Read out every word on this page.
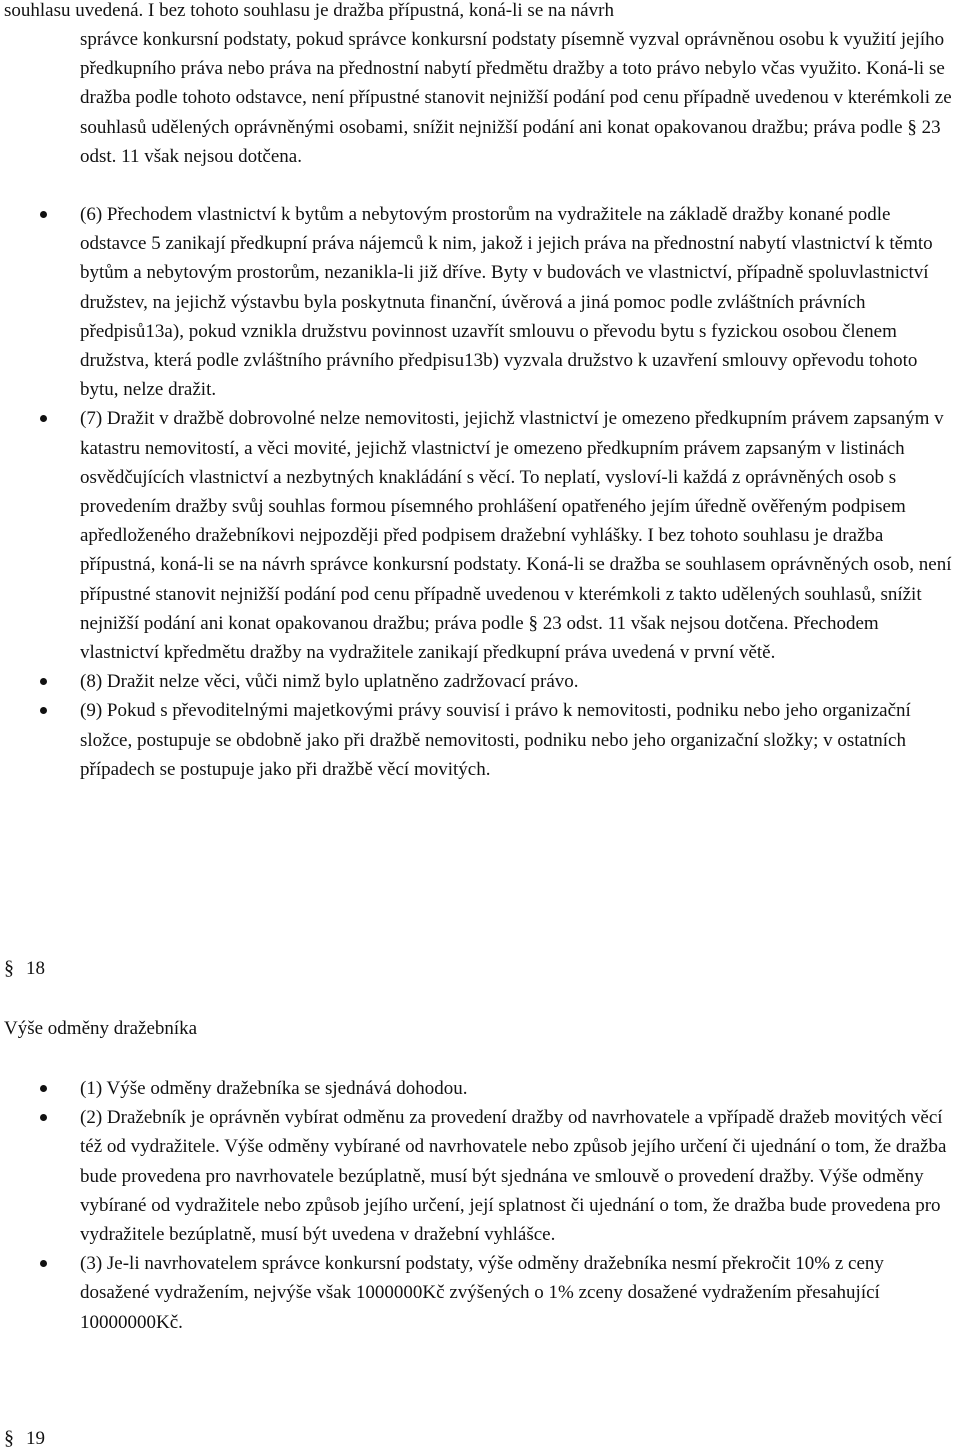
souhlasu uvedená. I bez tohoto souhlasu je dražba přípustná, koná-li se na návrh
správce konkursní podstaty, pokud správce konkursní podstaty písemně vyzval oprávněnou osobu k využití jejího předkupního práva nebo práva na přednostní nabytí předmětu dražby a toto právo nebylo včas využito. Koná-li se dražba podle tohoto odstavce, není přípustné stanovit nejnižší podání pod cenu případně uvedenou v kterémkoli ze souhlasů udělených oprávněnými osobami, snížit nejnižší podání ani konat opakovanou dražbu; práva podle § 23 odst. 11 však nejsou dotčena.
(6) Přechodem vlastnictví k bytům a nebytovým prostorům na vydražitele na základě dražby konané podle odstavce 5 zanikají předkupní práva nájemců k nim, jakož i jejich práva na přednostní nabytí vlastnictví k těmto bytům a nebytovým prostorům, nezanikla-li již dříve. Byty v budovách ve vlastnictví, případně spoluvlastnictví družstev, na jejichž výstavbu byla poskytnuta finanční, úvěrová a jiná pomoc podle zvláštních právních předpisů13a), pokud vznikla družstvu povinnost uzavřít smlouvu o převodu bytu s fyzickou osobou členem družstva, která podle zvláštního právního předpisu13b) vyzvala družstvo k uzavření smlouvy opřevodu tohoto bytu, nelze dražit.
(7) Dražit v dražbě dobrovolné nelze nemovitosti, jejichž vlastnictví je omezeno předkupním právem zapsaným v katastru nemovitostí, a věci movité, jejichž vlastnictví je omezeno předkupním právem zapsaným v listinách osvědčujících vlastnictví a nezbytných knakládání s věcí. To neplatí, vysloví-li každá z oprávněných osob s provedením dražby svůj souhlas formou písemného prohlášení opatřeného jejím úředně ověřeným podpisem apředloženého dražebníkovi nejpozději před podpisem dražební vyhlášky. I bez tohoto souhlasu je dražba přípustná, koná-li se na návrh správce konkursní podstaty. Koná-li se dražba se souhlasem oprávněných osob, není přípustné stanovit nejnižší podání pod cenu případně uvedenou v kterémkoli z takto udělených souhlasů, snížit nejnižší podání ani konat opakovanou dražbu; práva podle § 23 odst. 11 však nejsou dotčena. Přechodem vlastnictví kpředmětu dražby na vydražitele zanikají předkupní práva uvedená v první větě.
(8) Dražit nelze věci, vůči nimž bylo uplatněno zadržovací právo.
(9) Pokud s převoditelnými majetkovými právy souvisí i právo k nemovitosti, podniku nebo jeho organizační složce, postupuje se obdobně jako při dražbě nemovitosti, podniku nebo jeho organizační složky; v ostatních případech se postupuje jako při dražbě věcí movitých.
§ 18
Výše odměny dražebníka
(1) Výše odměny dražebníka se sjednává dohodou.
(2) Dražebník je oprávněn vybírat odměnu za provedení dražby od navrhovatele a vpřípadě dražeb movitých věcí též od vydražitele. Výše odměny vybírané od navrhovatele nebo způsob jejího určení či ujednání o tom, že dražba bude provedena pro navrhovatele bezúplatně, musí být sjednána ve smlouvě o provedení dražby. Výše odměny vybírané od vydražitele nebo způsob jejího určení, její splatnost či ujednání o tom, že dražba bude provedena pro vydražitele bezúplatně, musí být uvedena v dražební vyhlášce.
(3) Je-li navrhovatelem správce konkursní podstaty, výše odměny dražebníka nesmí překročit 10% z ceny dosažené vydražením, nejvýše však 1000000Kč zvýšených o 1% zceny dosažené vydražením přesahující 10000000Kč.
§ 19
